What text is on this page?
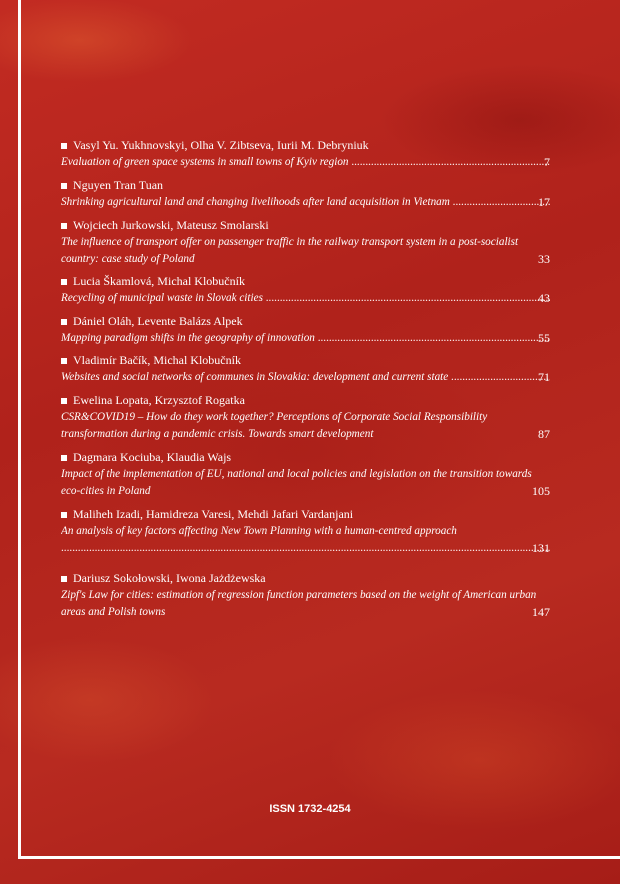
Vasyl Yu. Yukhnovskyi, Olha V. Zibtseva, Iurii M. Debryniuk
Evaluation of green space systems in small towns of Kyiv region .....	7
Nguyen Tran Tuan
Shrinking agricultural land and changing livelihoods after land acquisition in Vietnam .....	17
Wojciech Jurkowski, Mateusz Smolarski
The influence of transport offer on passenger traffic in the railway transport system in a post-socialist country: case study of Poland .....	33
Lucia Škamlová, Michal Klobučník
Recycling of municipal waste in Slovak cities .....	43
Dániel Oláh, Levente Balázs Alpek
Mapping paradigm shifts in the geography of innovation .....	55
Vladimír Bačík, Michal Klobučník
Websites and social networks of communes in Slovakia: development and current state .....	71
Ewelina Lopata, Krzysztof Rogatka
CSR&COVID19 – How do they work together? Perceptions of Corporate Social Responsibility transformation during a pandemic crisis. Towards smart development .....	87
Dagmara Kociuba, Klaudia Wajs
Impact of the implementation of EU, national and local policies and legislation on the transition towards eco-cities in Poland .....	105
Maliheh Izadi, Hamidreza Varesi, Mehdi Jafari Vardanjani
An analysis of key factors affecting New Town Planning with a human-centred approach .....
131
Dariusz Sokołowski, Iwona Jażdżewska
Zipf's Law for cities: estimation of regression function parameters based on the weight of American urban areas and Polish towns .....	147
ISSN 1732-4254
